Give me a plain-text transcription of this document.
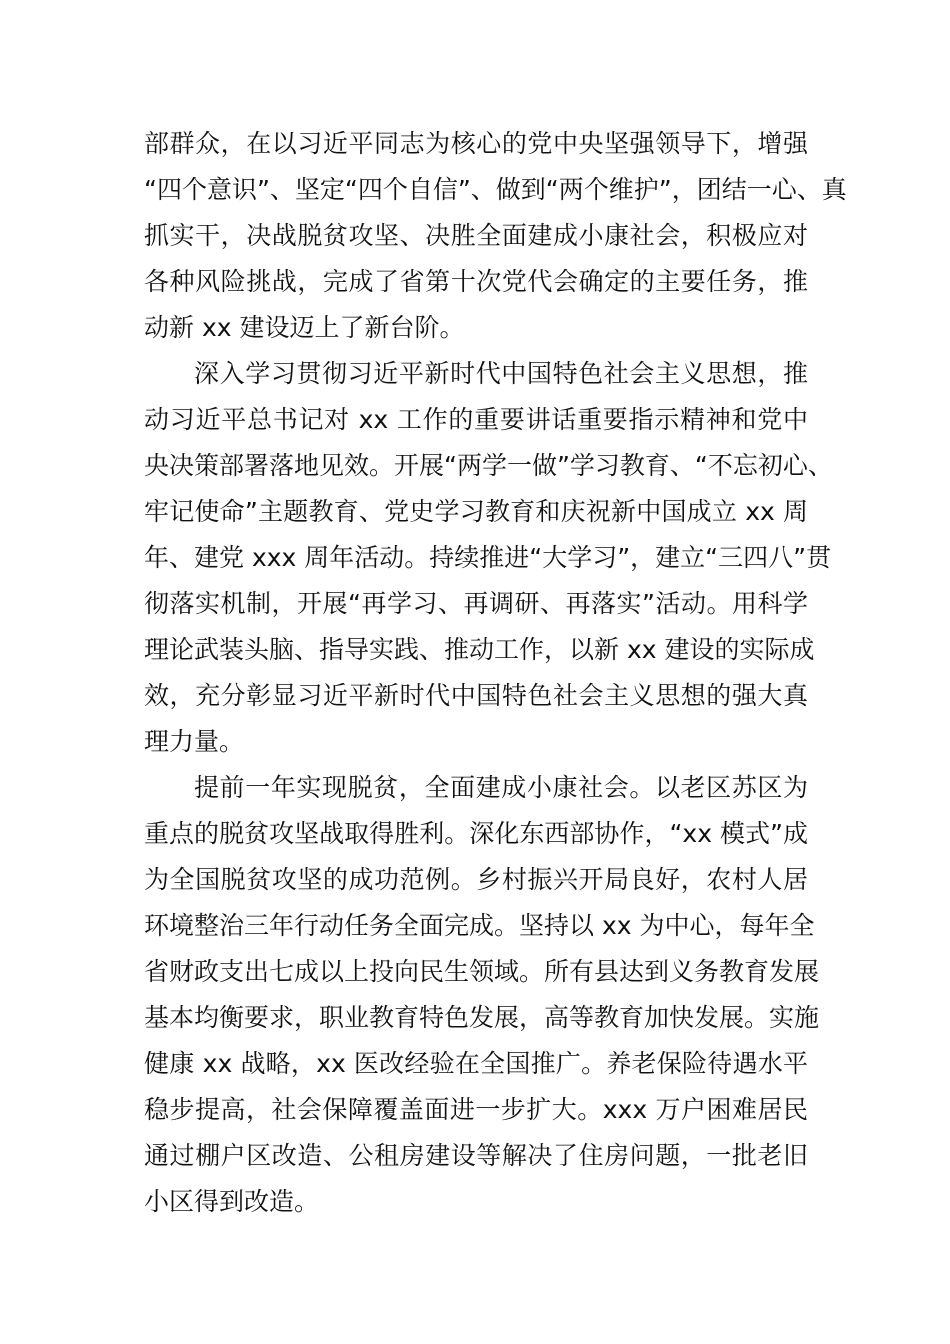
部群众，在以习近平同志为核心的党中央坚强领导下，增强
“四个意识”、坚定“四个自信”、做到“两个维护”，团结一心、真
抓实干，决战脱贫攻坚、决胜全面建成小康社会，积极应对
各种风险挑战，完成了省第十次党代会确定的主要任务，推
动新 xx 建设迈上了新台阶。
深入学习贯彻习近平新时代中国特色社会主义思想，推
动习近平总书记对 xx 工作的重要讲话重要指示精神和党中
央决策部署落地见效。开展“两学一做”学习教育、“不忘初心、
牢记使命”主题教育、党史学习教育和庆祝新中国成立 xx 周
年、建党 xxx 周年活动。持续推进“大学习”，建立“三四八”贯
彻落实机制，开展“再学习、再调研、再落实”活动。用科学
理论武装头脑、指导实践、推动工作，以新 xx 建设的实际成
效，充分彰显习近平新时代中国特色社会主义思想的强大真
理力量。
提前一年实现脱贫，全面建成小康社会。以老区苏区为
重点的脱贫攻坚战取得胜利。深化东西部协作，“xx 模式”成
为全国脱贫攻坚的成功范例。乡村振兴开局良好，农村人居
环境整治三年行动任务全面完成。坚持以 xx 为中心，每年全
省财政支出七成以上投向民生领域。所有县达到义务教育发展
基本均衡要求，职业教育特色发展，高等教育加快发展。实施
健康 xx 战略，xx 医改经验在全国推广。养老保险待遇水平
稳步提高，社会保障覆盖面进一步扩大。xxx 万户困难居民
通过棚户区改造、公租房建设等解决了住房问题，一批老旧
小区得到改造。
